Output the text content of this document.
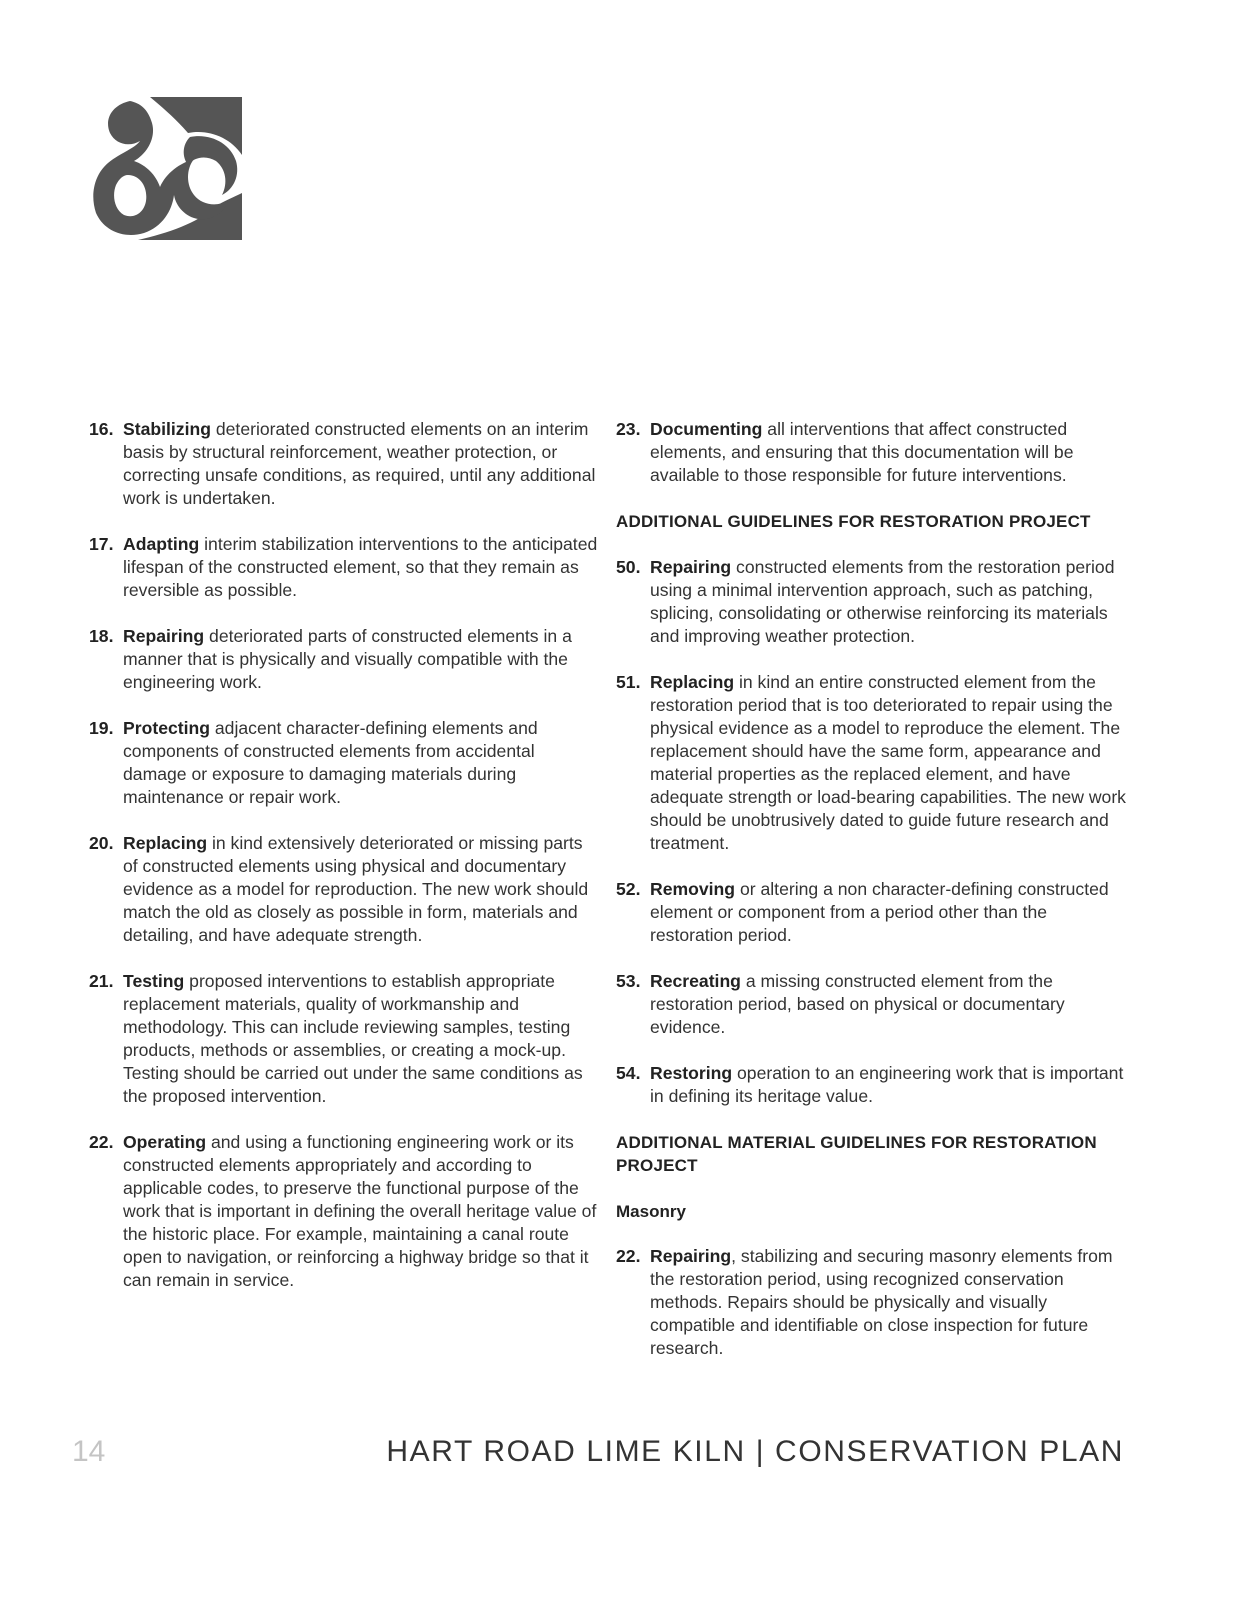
16. Stabilizing deteriorated constructed elements on an interim basis by structural reinforcement, weather protection, or correcting unsafe conditions, as required, until any additional work is undertaken.
17. Adapting interim stabilization interventions to the anticipated lifespan of the constructed element, so that they remain as reversible as possible.
18. Repairing deteriorated parts of constructed elements in a manner that is physically and visually compatible with the engineering work.
19. Protecting adjacent character-defining elements and components of constructed elements from accidental damage or exposure to damaging materials during maintenance or repair work.
20. Replacing in kind extensively deteriorated or missing parts of constructed elements using physical and documentary evidence as a model for reproduction. The new work should match the old as closely as possible in form, materials and detailing, and have adequate strength.
21. Testing proposed interventions to establish appropriate replacement materials, quality of workmanship and methodology. This can include reviewing samples, testing products, methods or assemblies, or creating a mock-up. Testing should be carried out under the same conditions as the proposed intervention.
22. Operating and using a functioning engineering work or its constructed elements appropriately and according to applicable codes, to preserve the functional purpose of the work that is important in defining the overall heritage value of the historic place. For example, maintaining a canal route open to navigation, or reinforcing a highway bridge so that it can remain in service.
23. Documenting all interventions that affect constructed elements, and ensuring that this documentation will be available to those responsible for future interventions.
ADDITIONAL GUIDELINES FOR RESTORATION PROJECT
50. Repairing constructed elements from the restoration period using a minimal intervention approach, such as patching, splicing, consolidating or otherwise reinforcing its materials and improving weather protection.
51. Replacing in kind an entire constructed element from the restoration period that is too deteriorated to repair using the physical evidence as a model to reproduce the element. The replacement should have the same form, appearance and material properties as the replaced element, and have adequate strength or load-bearing capabilities. The new work should be unobtrusively dated to guide future research and treatment.
52. Removing or altering a non character-defining constructed element or component from a period other than the restoration period.
53. Recreating a missing constructed element from the restoration period, based on physical or documentary evidence.
54. Restoring operation to an engineering work that is important in defining its heritage value.
ADDITIONAL MATERIAL GUIDELINES FOR RESTORATION PROJECT
Masonry
22. Repairing, stabilizing and securing masonry elements from the restoration period, using recognized conservation methods. Repairs should be physically and visually compatible and identifiable on close inspection for future research.
14	HART ROAD LIME KILN | CONSERVATION PLAN
